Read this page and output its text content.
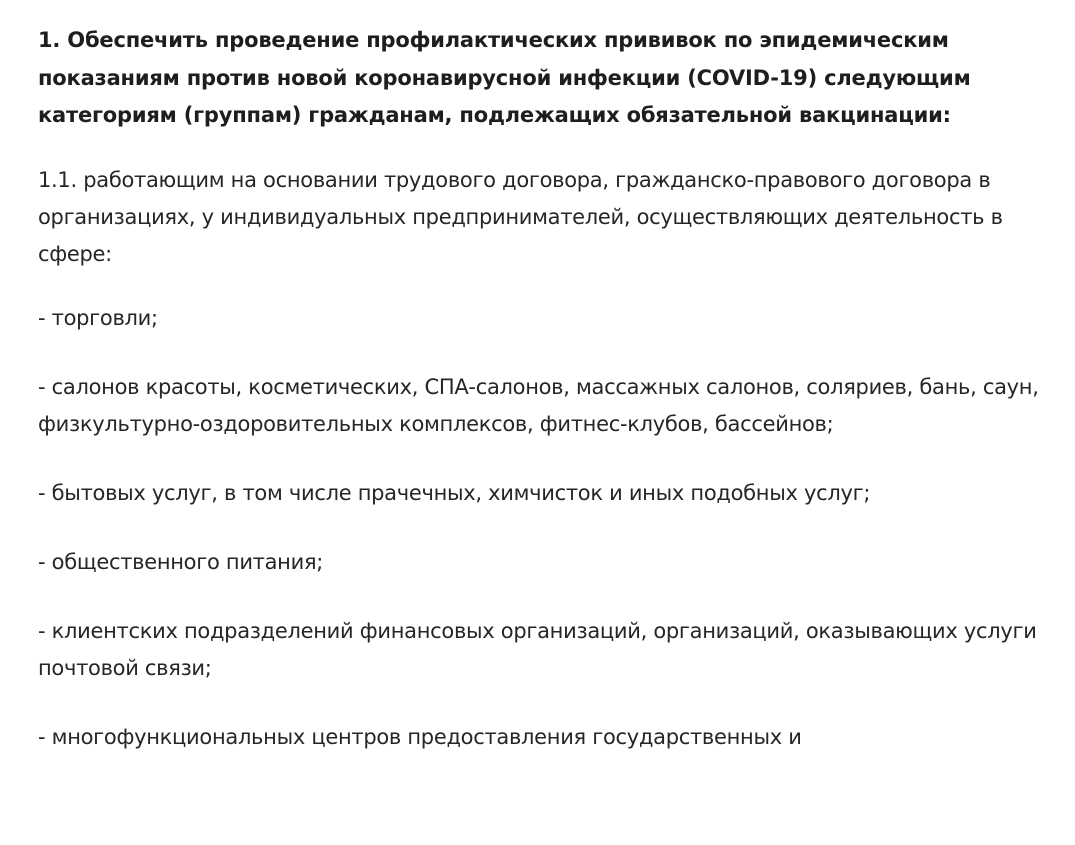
1. Обеспечить проведение профилактических прививок по эпидемическим показаниям против новой коронавирусной инфекции (COVID-19) следующим категориям (группам) гражданам, подлежащих обязательной вакцинации:

1.1. работающим на основании трудового договора, гражданско-правового договора в организациях, у индивидуальных предпринимателей, осуществляющих деятельность в сфере:

- торговли;

- салонов красоты, косметических, СПА-салонов, массажных салонов, соляриев, бань, саун, физкультурно-оздоровительных комплексов, фитнес-клубов, бассейнов;

- бытовых услуг, в том числе прачечных, химчисток и иных подобных услуг;

- общественного питания;

- клиентских подразделений финансовых организаций, организаций, оказывающих услуги почтовой связи;

- многофункциональных центров предоставления государственных и
